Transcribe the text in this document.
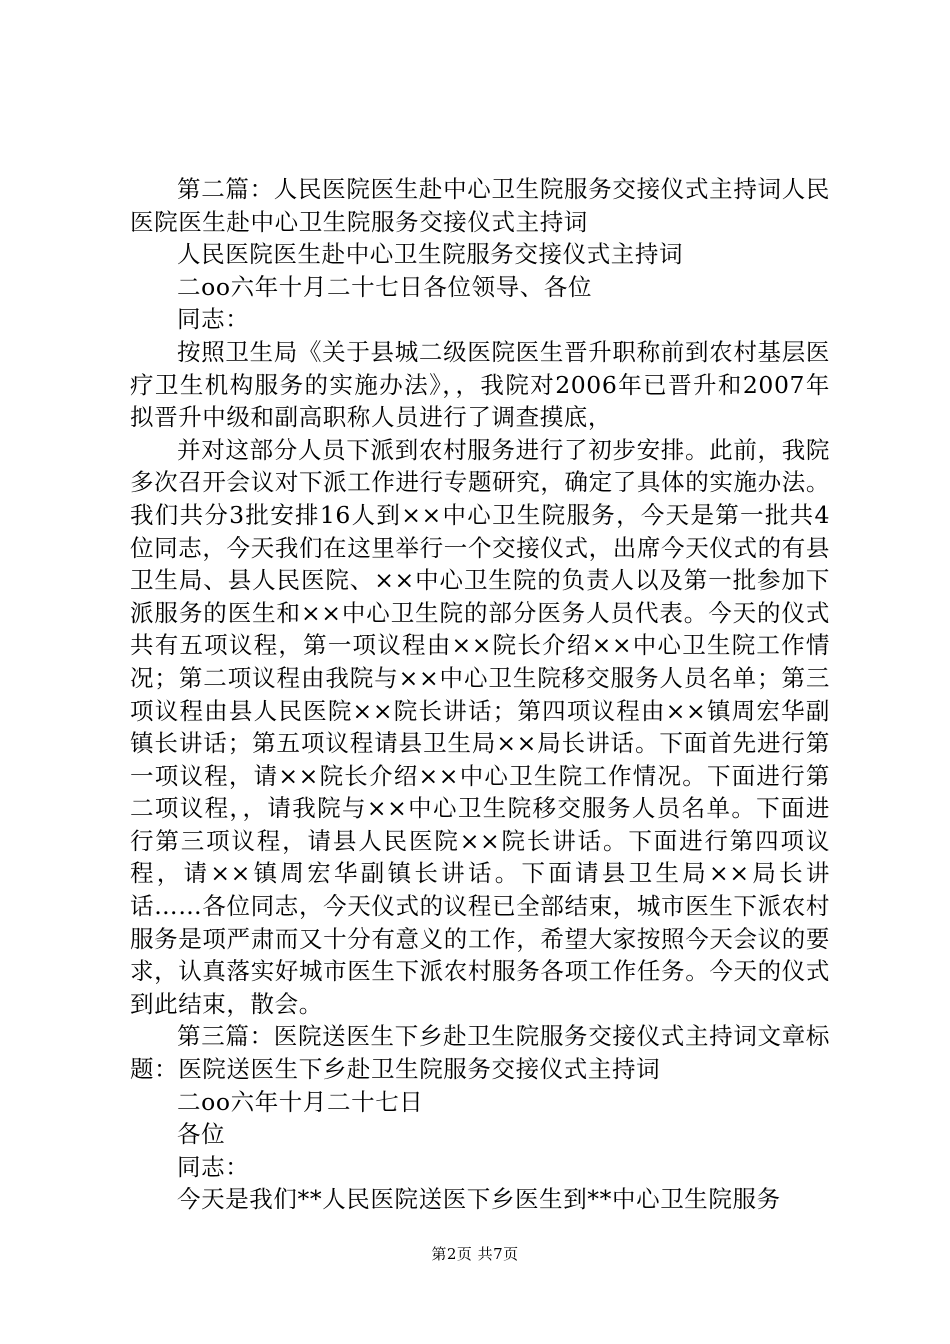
第二篇：人民医院医生赴中心卫生院服务交接仪式主持词人民医院医生赴中心卫生院服务交接仪式主持词

人民医院医生赴中心卫生院服务交接仪式主持词

二oo六年十月二十七日各位领导、各位

同志：

按照卫生局《关于县城二级医院医生晋升职称前到农村基层医疗卫生机构服务的实施办法》，，我院对2006年已晋升和2007年拟晋升中级和副高职称人员进行了调查摸底，

并对这部分人员下派到农村服务进行了初步安排。此前，我院多次召开会议对下派工作进行专题研究，确定了具体的实施办法。我们共分3批安排16人到××中心卫生院服务，今天是第一批共4位同志，今天我们在这里举行一个交接仪式，出席今天仪式的有县卫生局、县人民医院、××中心卫生院的负责人以及第一批参加下派服务的医生和××中心卫生院的部分医务人员代表。今天的仪式共有五项议程，第一项议程由××院长介绍××中心卫生院工作情况；第二项议程由我院与××中心卫生院移交服务人员名单；第三项议程由县人民医院××院长讲话；第四项议程由××镇周宏华副镇长讲话；第五项议程请县卫生局××局长讲话。下面首先进行第一项议程，请××院长介绍××中心卫生院工作情况。下面进行第二项议程，，请我院与××中心卫生院移交服务人员名单。下面进行第三项议程，请县人民医院××院长讲话。下面进行第四项议程，请××镇周宏华副镇长讲话。下面请县卫生局××局长讲话……各位同志，今天仪式的议程已全部结束，城市医生下派农村服务是项严肃而又十分有意义的工作，希望大家按照今天会议的要求，认真落实好城市医生下派农村服务各项工作任务。今天的仪式到此结束，散会。

第三篇：医院送医生下乡赴卫生院服务交接仪式主持词文章标题：医院送医生下乡赴卫生院服务交接仪式主持词

二oo六年十月二十七日

各位

同志：

今天是我们**人民医院送医下乡医生到**中心卫生院服务

第2页 共7页
